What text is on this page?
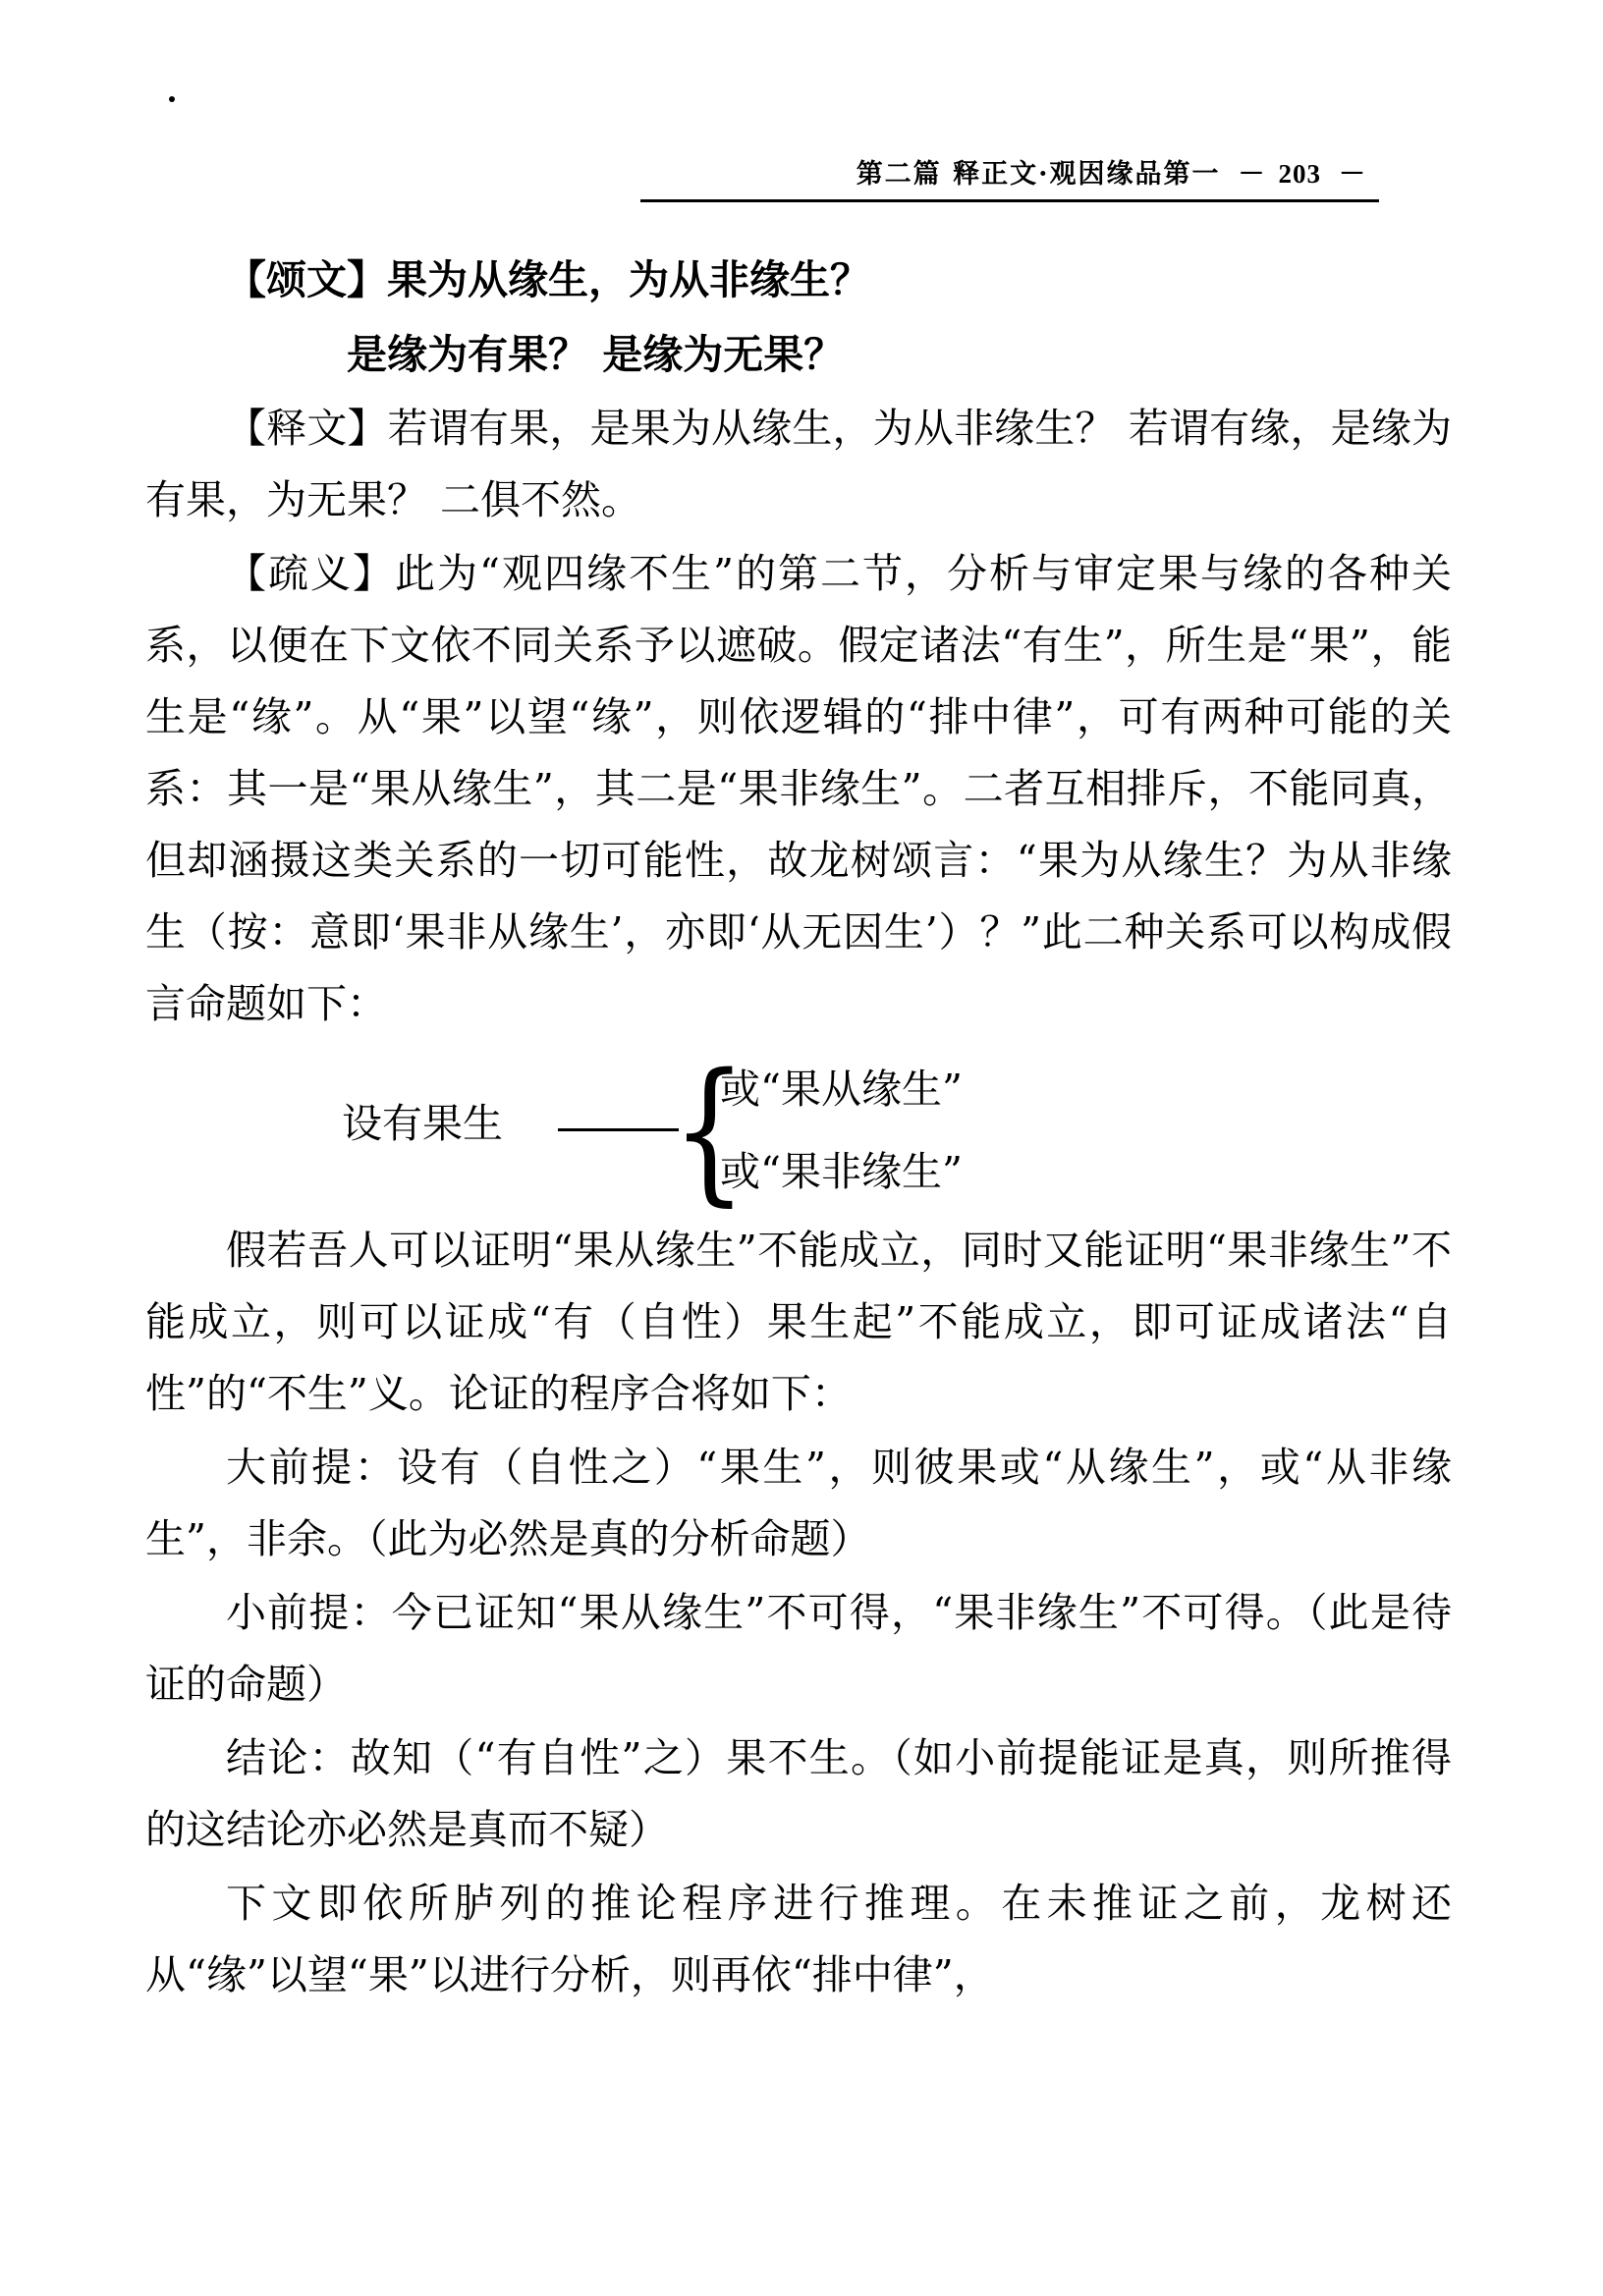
第二篇 释正文·观因缘品第一 － 203 －

【颂文】果为从缘生，为从非缘生？

是缘为有果？ 是缘为无果？

【释文】若谓有果，是果为从缘生，为从非缘生？ 若谓有缘，是缘为有果，为无果？ 二俱不然。

【疏义】此为“观四缘不生”的第二节，分析与审定果与缘的各种关系，以便在下文依不同关系予以遮破。假定诸法“有生”，所生是“果”，能生是“缘”。从“果”以望“缘”，则依逻辑的“排中律”，可有两种可能的关系：其一是“果从缘生”，其二是“果非缘生”。二者互相排斥，不能同真，但却涵摄这类关系的一切可能性，故龙树颂言：“果为从缘生？为从非缘生（按：意即‘果非从缘生’，亦即‘从无因生’）？”此二种关系可以构成假言命题如下：

设有果生 {
或“果从缘生”
或“果非缘生”

假若吾人可以证明“果从缘生”不能成立，同时又能证明“果非缘生”不能成立，则可以证成“有（自性）果生起”不能成立，即可证成诸法“自性”的“不生”义。论证的程序合将如下：

大前提：设有（自性之）“果生”，则彼果或“从缘生”，或“从非缘生”，非余。（此为必然是真的分析命题）

小前提：今已证知“果从缘生”不可得，“果非缘生”不可得。（此是待证的命题）

结论：故知（“有自性”之）果不生。（如小前提能证是真，则所推得的这结论亦必然是真而不疑）

下文即依所胪列的推论程序进行推理。在未推证之前，龙树还从“缘”以望“果”以进行分析，则再依“排中律”，
